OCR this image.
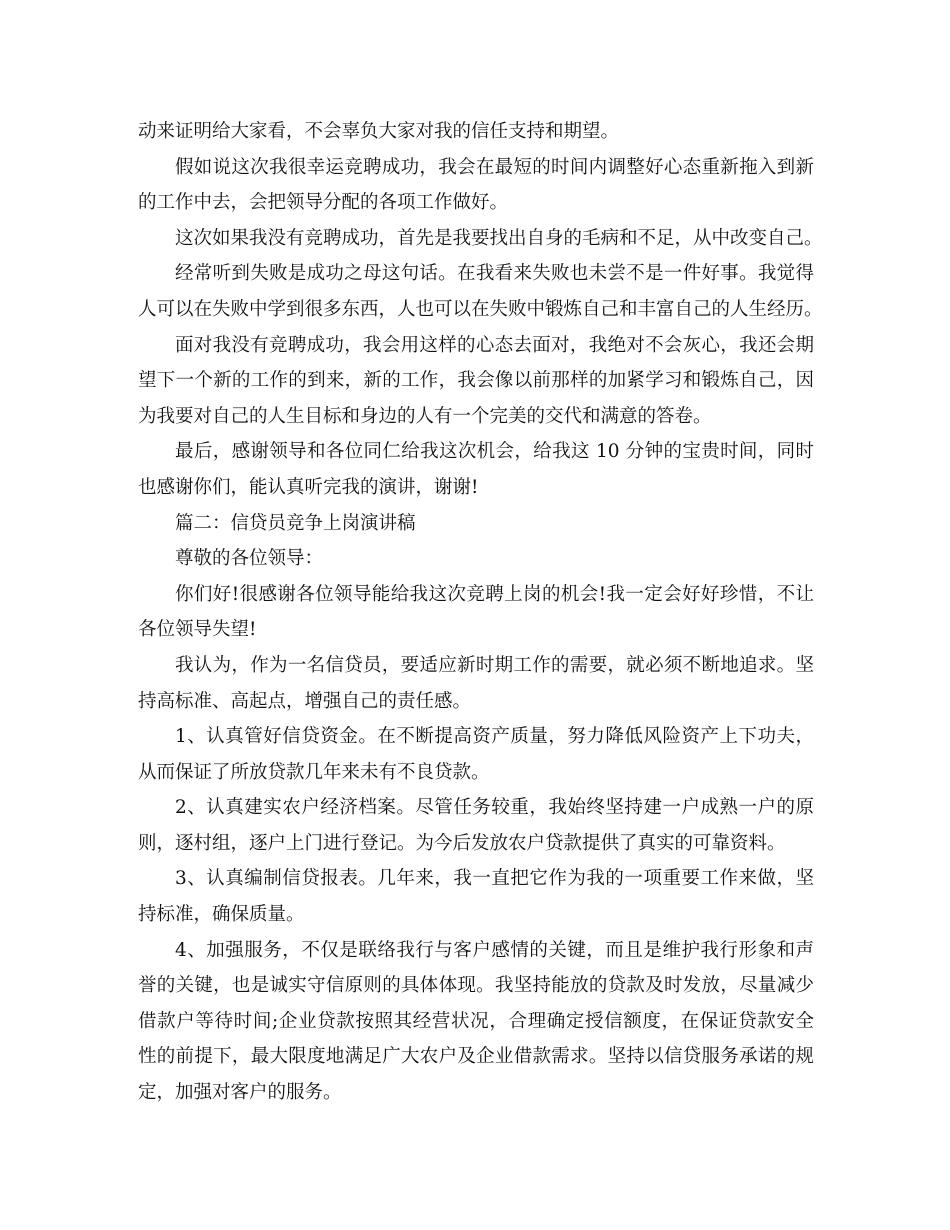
动来证明给大家看，不会辜负大家对我的信任支持和期望。
假如说这次我很幸运竞聘成功，我会在最短的时间内调整好心态重新拖入到新
的工作中去，会把领导分配的各项工作做好。
这次如果我没有竞聘成功，首先是我要找出自身的毛病和不足，从中改变自己。
经常听到失败是成功之母这句话。在我看来失败也未尝不是一件好事。我觉得
人可以在失败中学到很多东西，人也可以在失败中锻炼自己和丰富自己的人生经历。
面对我没有竞聘成功，我会用这样的心态去面对，我绝对不会灰心，我还会期
望下一个新的工作的到来，新的工作，我会像以前那样的加紧学习和锻炼自己，因
为我要对自己的人生目标和身边的人有一个完美的交代和满意的答卷。
最后，感谢领导和各位同仁给我这次机会，给我这 10 分钟的宝贵时间，同时
也感谢你们，能认真听完我的演讲，谢谢!
篇二：信贷员竞争上岗演讲稿
尊敬的各位领导：
你们好!很感谢各位领导能给我这次竞聘上岗的机会!我一定会好好珍惜，不让
各位领导失望!
我认为，作为一名信贷员，要适应新时期工作的需要，就必须不断地追求。坚
持高标准、高起点，增强自己的责任感。
1、认真管好信贷资金。在不断提高资产质量，努力降低风险资产上下功夫，
从而保证了所放贷款几年来未有不良贷款。
2、认真建实农户经济档案。尽管任务较重，我始终坚持建一户成熟一户的原
则，逐村组，逐户上门进行登记。为今后发放农户贷款提供了真实的可靠资料。
3、认真编制信贷报表。几年来，我一直把它作为我的一项重要工作来做，坚
持标准，确保质量。
4、加强服务，不仅是联络我行与客户感情的关键，而且是维护我行形象和声
誉的关键，也是诚实守信原则的具体体现。我坚持能放的贷款及时发放，尽量减少
借款户等待时间;企业贷款按照其经营状况，合理确定授信额度，在保证贷款安全
性的前提下，最大限度地满足广大农户及企业借款需求。坚持以信贷服务承诺的规
定，加强对客户的服务。
